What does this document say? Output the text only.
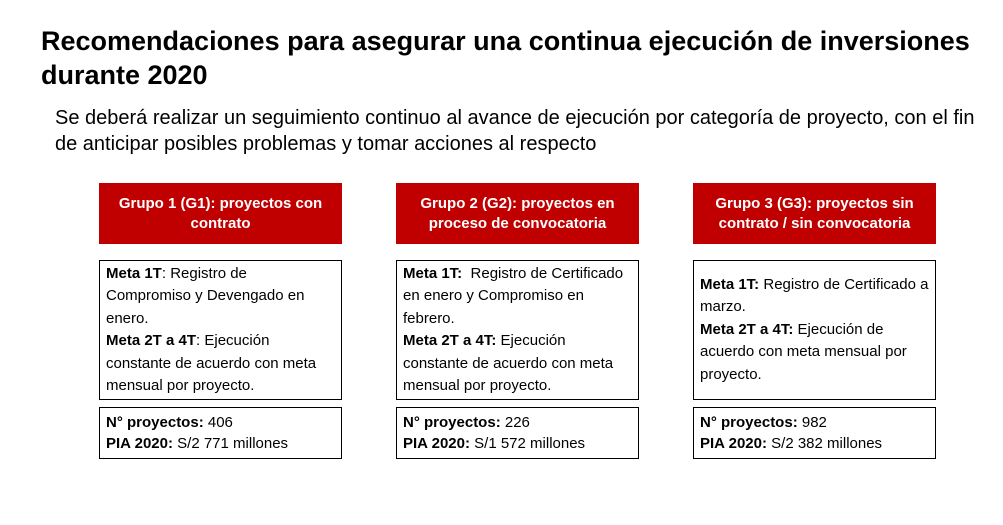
Recomendaciones para asegurar una continua ejecución de inversiones durante 2020
Se deberá realizar un seguimiento continuo al avance de ejecución por categoría de proyecto, con el fin de anticipar posibles problemas y tomar acciones al respecto
Grupo 1 (G1): proyectos con contrato

Meta 1T: Registro de Compromiso y Devengado en enero.

Meta 2T a 4T: Ejecución constante de acuerdo con meta mensual por proyecto.

N° proyectos: 406

PIA 2020: S/2 771 millones

Grupo 2 (G2): proyectos en proceso de convocatoria

Meta 1T:  Registro de Certificado en enero y Compromiso en febrero.

Meta 2T a 4T: Ejecución constante de acuerdo con meta mensual por proyecto.

N° proyectos: 226

PIA 2020: S/1 572 millones

Grupo 3 (G3): proyectos sin contrato / sin convocatoria

Meta 1T: Registro de Certificado a marzo.

Meta 2T a 4T: Ejecución de acuerdo con meta mensual por proyecto.

N° proyectos: 982

PIA 2020: S/2 382 millones
